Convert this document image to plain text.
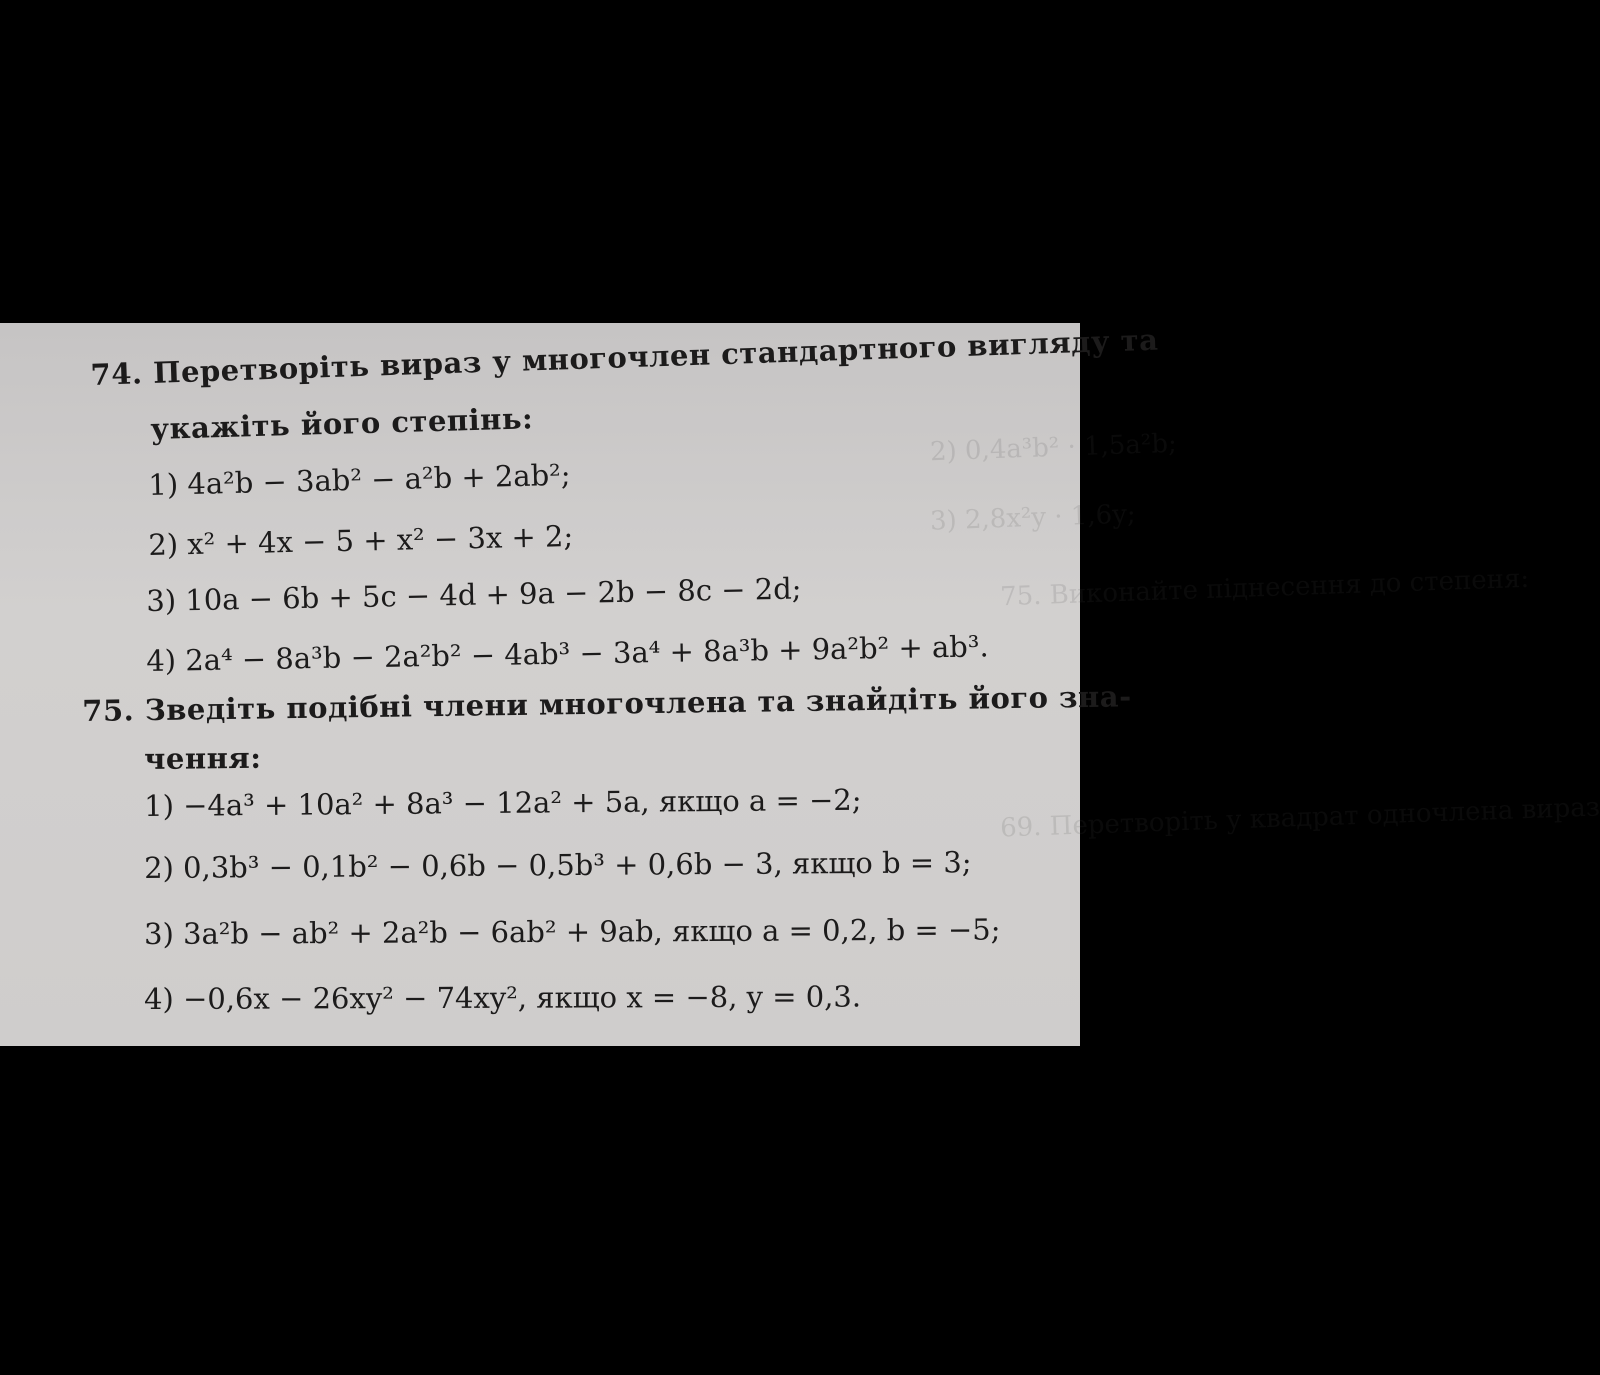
2) 0,4a³b² · 1,5a²b;
3) 2,8x²y · 1,6y;
75. Виконайте піднесення до степеня:
69. Перетворіть у квадрат одночлена вираз
74. Перетворіть вираз у многочлен стандартного вигляду та
укажіть його степінь:
1) 4a²b − 3ab² − a²b + 2ab²;
2) x² + 4x − 5 + x² − 3x + 2;
3) 10a − 6b + 5c − 4d + 9a − 2b − 8c − 2d;
4) 2a⁴ − 8a³b − 2a²b² − 4ab³ − 3a⁴ + 8a³b + 9a²b² + ab³.
75. Зведіть подібні члени многочлена та знайдіть його зна-
чення:
1) −4a³ + 10a² + 8a³ − 12a² + 5a, якщо a = −2;
2) 0,3b³ − 0,1b² − 0,6b − 0,5b³ + 0,6b − 3, якщо b = 3;
3) 3a²b − ab² + 2a²b − 6ab² + 9ab, якщо a = 0,2, b = −5;
4) −0,6x − 26xy² − 74xy², якщо x = −8, y = 0,3.
